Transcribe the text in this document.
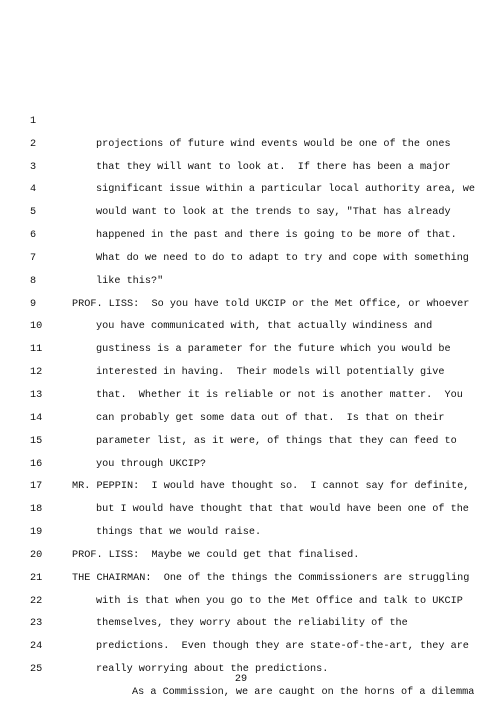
1

projections of future wind events would be one of the ones

2

that they will want to look at.  If there has been a major

3

significant issue within a particular local authority area, we

4

would want to look at the trends to say, "That has already

5

happened in the past and there is going to be more of that.

6

What do we need to do to adapt to try and cope with something

7

like this?"

8

PROF. LISS:  So you have told UKCIP or the Met Office, or whoever

9

you have communicated with, that actually windiness and

10

gustiness is a parameter for the future which you would be

11

interested in having.  Their models will potentially give

12

that.  Whether it is reliable or not is another matter.  You

13

can probably get some data out of that.  Is that on their

14

parameter list, as it were, of things that they can feed to

15

you through UKCIP?

16

MR. PEPPIN:  I would have thought so.  I cannot say for definite,

17

but I would have thought that that would have been one of the

18

things that we would raise.

19

PROF. LISS:  Maybe we could get that finalised.

20

THE CHAIRMAN:  One of the things the Commissioners are struggling

21

with is that when you go to the Met Office and talk to UKCIP

22

themselves, they worry about the reliability of the

23

predictions.  Even though they are state-of-the-art, they are

24

really worrying about the predictions.

25

As a Commission, we are caught on the horns of a dilemma

29
